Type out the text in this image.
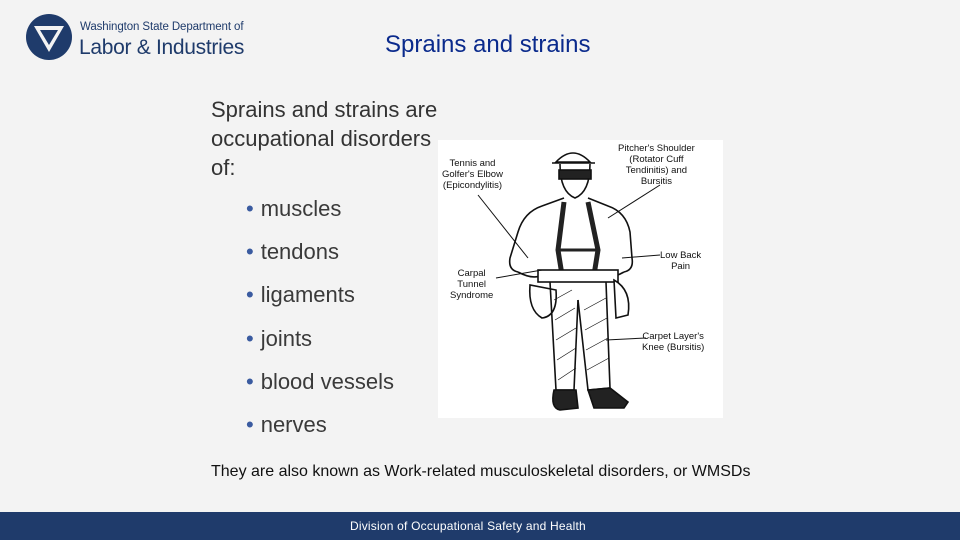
Washington State Department of
Labor & Industries	Sprains and strains
Sprains and strains are occupational disorders of:
• muscles
• tendons
• ligaments
• joints
• blood vessels
• nerves
Tennis and
Golfer's Elbow
(Epicondylitis)
Pitcher's Shoulder
(Rotator Cuff
Tendinitis) and
Bursitis
Low Back
Pain
Carpal
Tunnel
Syndrome
Carpet Layer's
Knee (Bursitis)
They are also known as Work-related musculoskeletal disorders, or WMSDs
Division of Occupational Safety and Health
